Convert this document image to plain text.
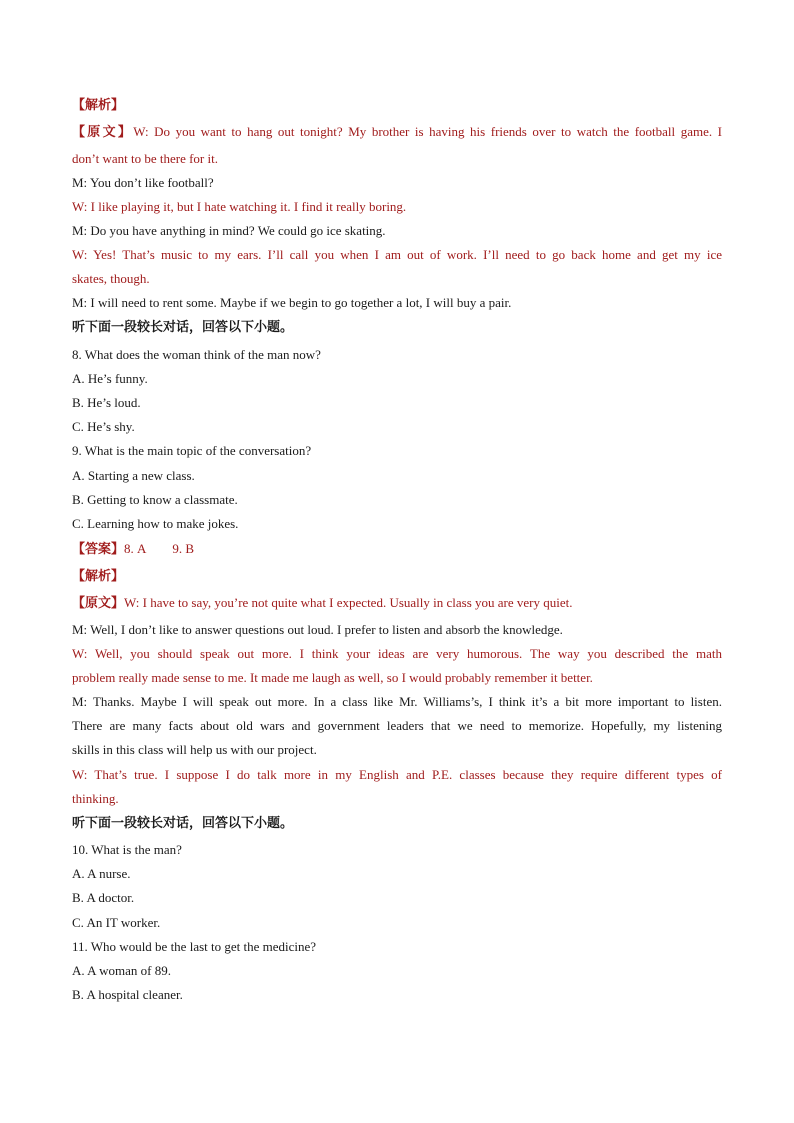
【解析】
【原文】W: Do you want to hang out tonight? My brother is having his friends over to watch the football game. I
don’t want to be there for it.
M: You don’t like football?
W: I like playing it, but I hate watching it. I find it really boring.
M: Do you have anything in mind? We could go ice skating.
W: Yes! That’s music to my ears. I’ll call you when I am out of work. I’ll need to go back home and get my ice
skates, though.
M: I will need to rent some. Maybe if we begin to go together a lot, I will buy a pair.
听下面一段较长对话，回答以下小题。
8. What does the woman think of the man now?
A. He’s funny.
B. He’s loud.
C. He’s shy.
9. What is the main topic of the conversation?
A. Starting a new class.
B. Getting to know a classmate.
C. Learning how to make jokes.
【答案】8. A 9. B
【解析】
【原文】W: I have to say, you’re not quite what I expected. Usually in class you are very quiet.
M: Well, I don’t like to answer questions out loud. I prefer to listen and absorb the knowledge.
W: Well, you should speak out more. I think your ideas are very humorous. The way you described the math
problem really made sense to me. It made me laugh as well, so I would probably remember it better.
M: Thanks. Maybe I will speak out more. In a class like Mr. Williams’s, I think it’s a bit more important to listen.
There are many facts about old wars and government leaders that we need to memorize. Hopefully, my listening
skills in this class will help us with our project.
W: That’s true. I suppose I do talk more in my English and P.E. classes because they require different types of
thinking.
听下面一段较长对话，回答以下小题。
10. What is the man?
A. A nurse.
B. A doctor.
C. An IT worker.
11. Who would be the last to get the medicine?
A. A woman of 89.
B. A hospital cleaner.
